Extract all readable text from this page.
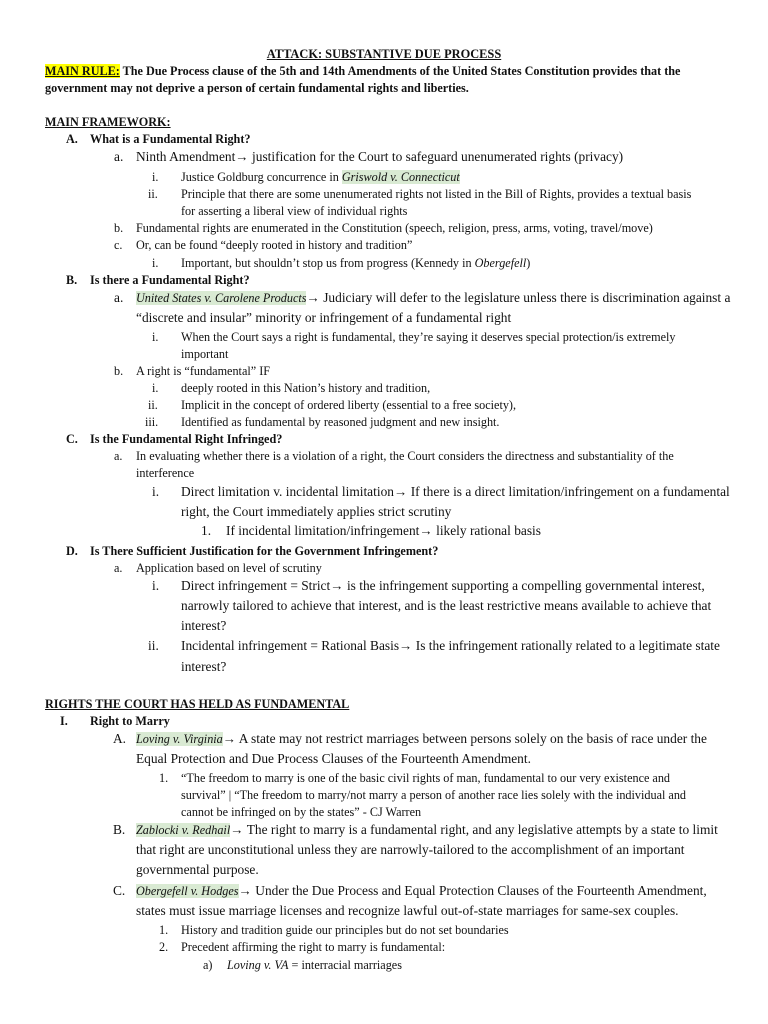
ATTACK: SUBSTANTIVE DUE PROCESS
MAIN RULE: The Due Process clause of the 5th and 14th Amendments of the United States Constitution provides that the
government may not deprive a person of certain fundamental rights and liberties.
MAIN FRAMEWORK:
A. What is a Fundamental Right?
a. Ninth Amendment→ justification for the Court to safeguard unenumerated rights (privacy)
i. Justice Goldburg concurrence in Griswold v. Connecticut
ii. Principle that there are some unenumerated rights not listed in the Bill of Rights, provides a textual basis
for asserting a liberal view of individual rights
b. Fundamental rights are enumerated in the Constitution (speech, religion, press, arms, voting, travel/move)
c. Or, can be found “deeply rooted in history and tradition”
i. Important, but shouldn’t stop us from progress (Kennedy in Obergefell)
B. Is there a Fundamental Right?
a. United States v. Carolene Products→ Judiciary will defer to the legislature unless there is discrimination against a
“discrete and insular” minority or infringement of a fundamental right
i. When the Court says a right is fundamental, they’re saying it deserves special protection/is extremely
important
b. A right is “fundamental” IF
i. deeply rooted in this Nation’s history and tradition,
ii. Implicit in the concept of ordered liberty (essential to a free society),
iii. Identified as fundamental by reasoned judgment and new insight.
C. Is the Fundamental Right Infringed?
a. In evaluating whether there is a violation of a right, the Court considers the directness and substantiality of the
interference
i. Direct limitation v. incidental limitation→ If there is a direct limitation/infringement on a fundamental
right, the Court immediately applies strict scrutiny
1. If incidental limitation/infringement→ likely rational basis
D. Is There Sufficient Justification for the Government Infringement?
a. Application based on level of scrutiny
i. Direct infringement = Strict→ is the infringement supporting a compelling governmental interest,
narrowly tailored to achieve that interest, and is the least restrictive means available to achieve that
interest?
ii. Incidental infringement = Rational Basis→ Is the infringement rationally related to a legitimate state
interest?
RIGHTS THE COURT HAS HELD AS FUNDAMENTAL
I. Right to Marry
A. Loving v. Virginia→ A state may not restrict marriages between persons solely on the basis of race under the
Equal Protection and Due Process Clauses of the Fourteenth Amendment.
1. “The freedom to marry is one of the basic civil rights of man, fundamental to our very existence and
survival” | “The freedom to marry/not marry a person of another race lies solely with the individual and
cannot be infringed on by the states” - CJ Warren
B. Zablocki v. Redhail→ The right to marry is a fundamental right, and any legislative attempts by a state to limit
that right are unconstitutional unless they are narrowly-tailored to the accomplishment of an important
governmental purpose.
C. Obergefell v. Hodges→ Under the Due Process and Equal Protection Clauses of the Fourteenth Amendment,
states must issue marriage licenses and recognize lawful out-of-state marriages for same-sex couples.
1. History and tradition guide our principles but do not set boundaries
2. Precedent affirming the right to marry is fundamental:
a) Loving v. VA = interracial marriages
